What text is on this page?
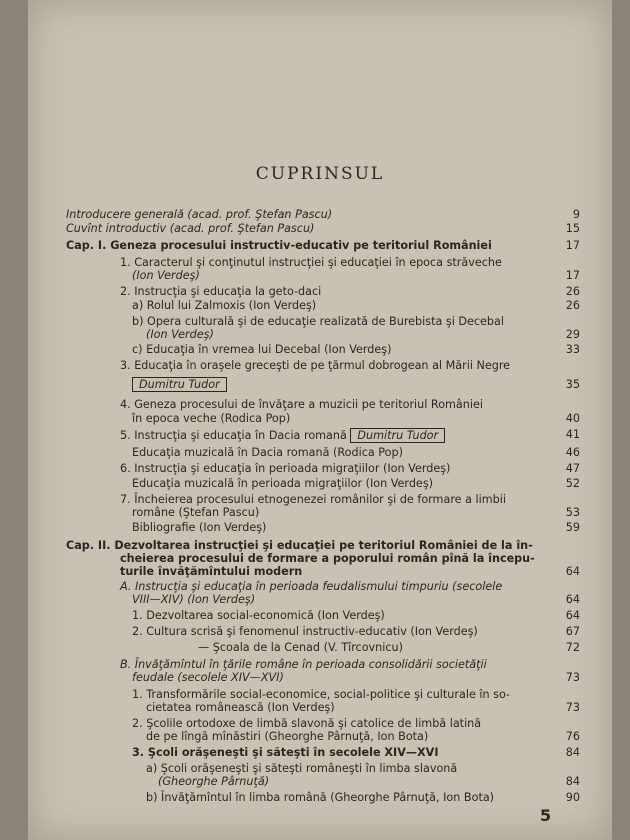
CUPRINSUL
Introducere generală (acad. prof. Ştefan Pascu)	9
Cuvînt introductiv (acad. prof. Ştefan Pascu)	15
Cap. I. Geneza procesului instructiv-educativ pe teritoriul României	17
1. Caracterul şi conţinutul instrucţiei şi educaţiei în epoca străveche
(Ion Verdeş)	17
2. Instrucţia şi educaţia la geto-daci	26
a) Rolul lui Zalmoxis (Ion Verdeş)	26
b) Opera culturală şi de educaţie realizată de Burebista şi Decebal
(Ion Verdeş)	29
c) Educaţia în vremea lui Decebal (Ion Verdeş)	33
3. Educaţia în oraşele greceşti de pe ţărmul dobrogean al Mării Negre
Dumitru Tudor	35
4. Geneza procesului de învăţare a muzicii pe teritoriul României
în epoca veche (Rodica Pop)	40
5. Instrucţia şi educaţia în Dacia romană Dumitru Tudor	41
Educaţia muzicală în Dacia romană (Rodica Pop)	46
6. Instrucţia şi educaţia în perioada migraţiilor (Ion Verdeş)	47
Educaţia muzicală în perioada migraţiilor (Ion Verdeş)	52
7. Încheierea procesului etnogenezei românilor şi de formare a limbii
române (Ştefan Pascu)	53
Bibliografie (Ion Verdeş)	59
Cap. II. Dezvoltarea instrucţiei şi educaţiei pe teritoriul României de la în-
cheierea procesului de formare a poporului român pînă la începu-
turile învăţămîntului modern	64
A. Instrucţia şi educaţia în perioada feudalismului timpuriu (secolele
VIII—XIV) (Ion Verdeş)	64
1. Dezvoltarea social-economică (Ion Verdeş)	64
2. Cultura scrisă şi fenomenul instructiv-educativ (Ion Verdeş)	67
— Şcoala de la Cenad (V. Tîrcovnicu)	72
B. Învăţămîntul în ţările române în perioada consolidării societăţii
feudale (secolele XIV—XVI)	73
1. Transformările social-economice, social-politice şi culturale în so-
cietatea românească (Ion Verdeş)	73
2. Şcolile ortodoxe de limbă slavonă şi catolice de limbă latină
de pe lîngă mînăstiri (Gheorghe Pârnuţă, Ion Bota)	76
3. Şcoli orăşeneşti şi săteşti în secolele XIV—XVI	84
a) Şcoli orăşeneşti şi săteşti româneşti în limba slavonă
(Gheorghe Pârnuţă)	84
b) Învăţămîntul în limba română (Gheorghe Pârnuţă, Ion Bota)	90
5
